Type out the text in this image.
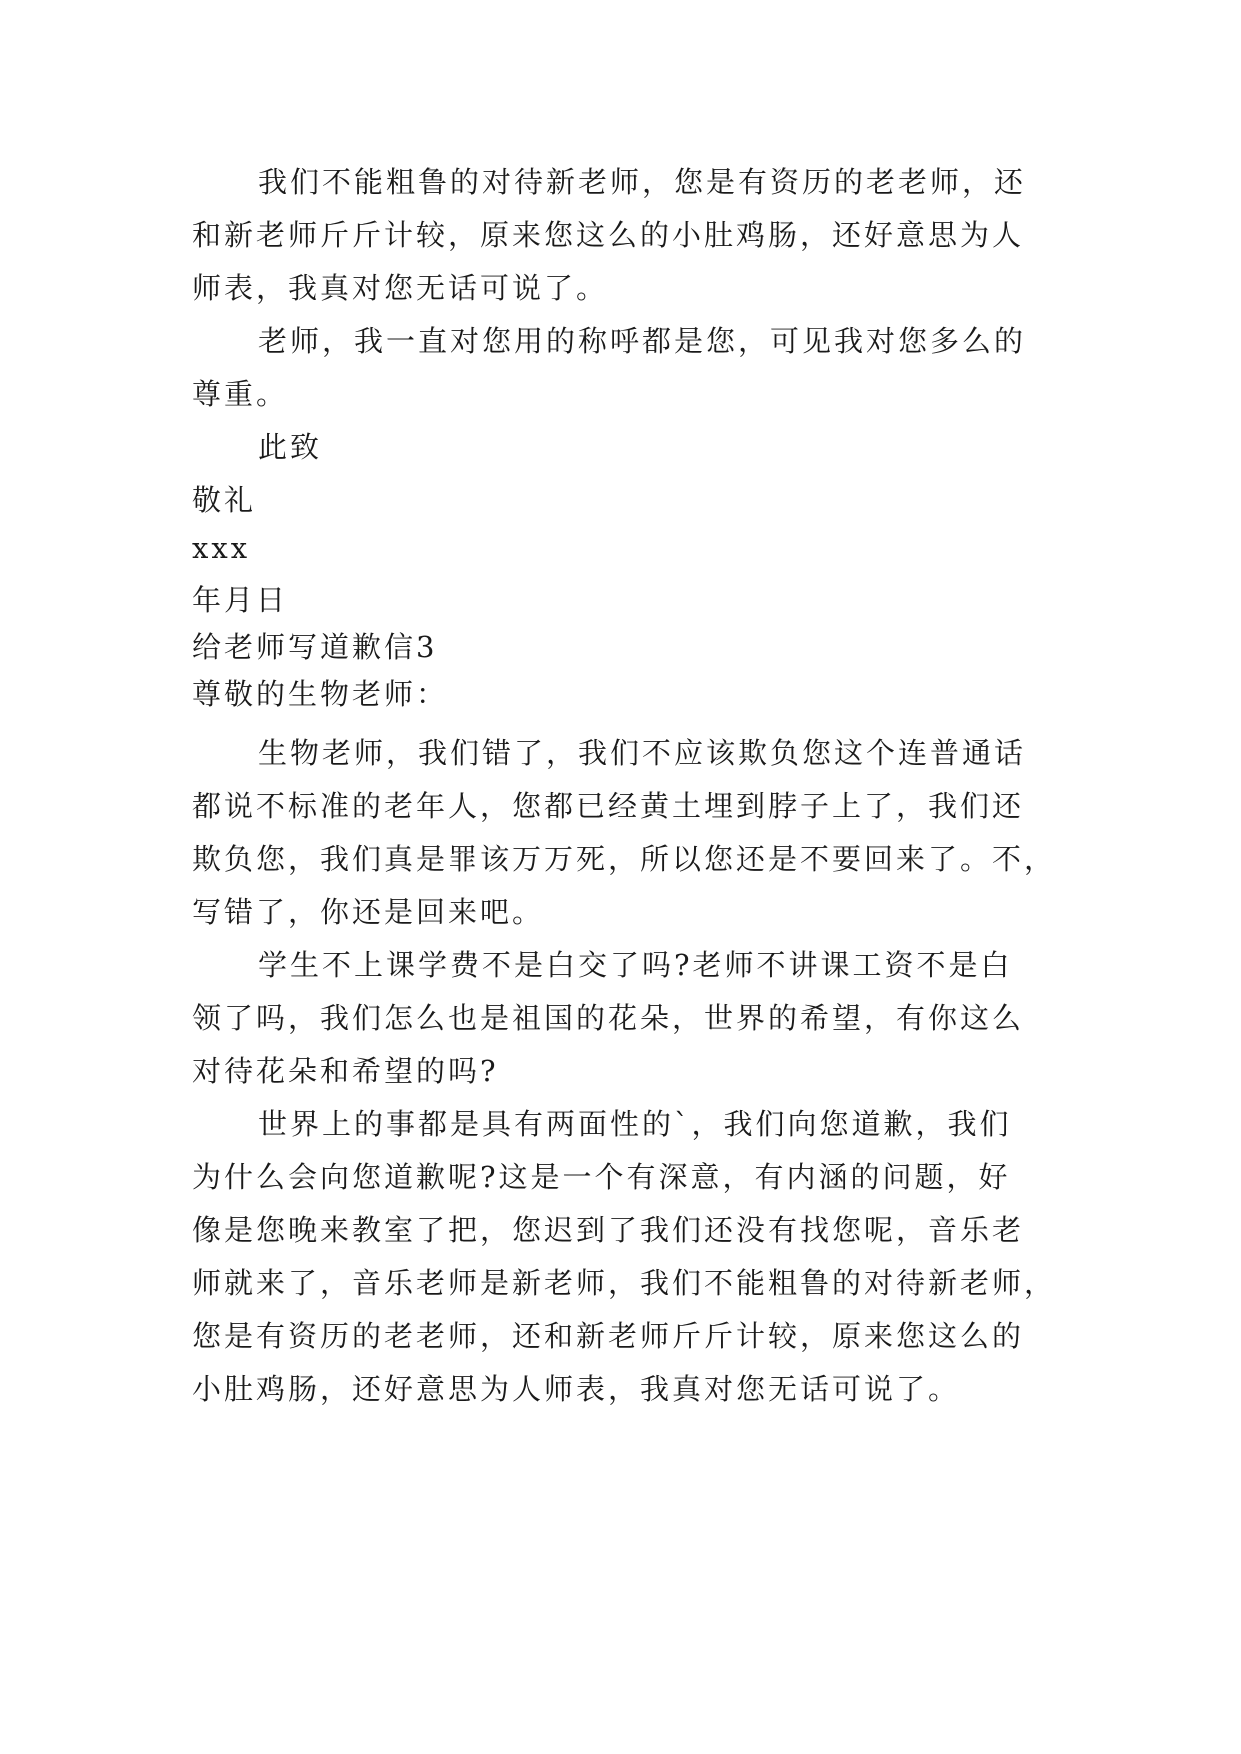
我们不能粗鲁的对待新老师，您是有资历的老老师，还

和新老师斤斤计较，原来您这么的小肚鸡肠，还好意思为人

师表，我真对您无话可说了。

老师，我一直对您用的称呼都是您，可见我对您多么的

尊重。

此致

敬礼

xxx

年月日

给老师写道歉信3

尊敬的生物老师：

生物老师，我们错了，我们不应该欺负您这个连普通话

都说不标准的老年人，您都已经黄土埋到脖子上了，我们还

欺负您，我们真是罪该万万死，所以您还是不要回来了。不，

写错了，你还是回来吧。

学生不上课学费不是白交了吗?老师不讲课工资不是白

领了吗，我们怎么也是祖国的花朵，世界的希望，有你这么

对待花朵和希望的吗?

世界上的事都是具有两面性的`，我们向您道歉，我们

为什么会向您道歉呢?这是一个有深意，有内涵的问题，好

像是您晚来教室了把，您迟到了我们还没有找您呢，音乐老

师就来了，音乐老师是新老师，我们不能粗鲁的对待新老师，

您是有资历的老老师，还和新老师斤斤计较，原来您这么的

小肚鸡肠，还好意思为人师表，我真对您无话可说了。
